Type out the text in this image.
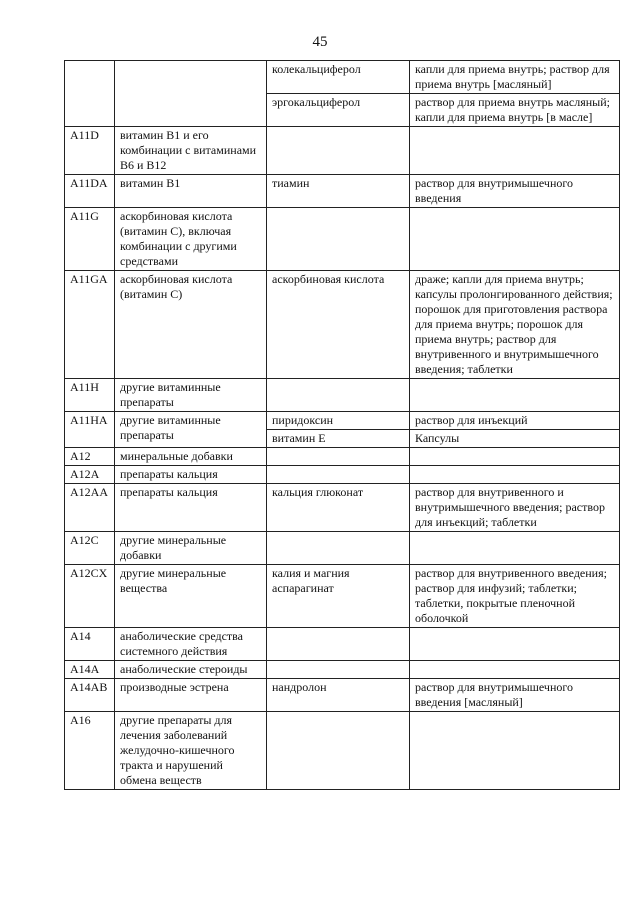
45
		колекальциферол	капли для приема внутрь; раствор для приема внутрь [масляный]
		эргокальциферол	раствор для приема внутрь масляный; капли для приема внутрь [в масле]
A11D	витамин В1 и его комбинации с витаминами В6 и В12		
A11DA	витамин В1	тиамин	раствор для внутримышечного введения
A11G	аскорбиновая кислота (витамин С), включая комбинации с другими средствами		
A11GA	аскорбиновая кислота (витамин С)	аскорбиновая кислота	драже; капли для приема внутрь; капсулы пролонгированного действия; порошок для приготовления раствора для приема внутрь; порошок для приема внутрь; раствор для внутривенного и внутримышечного введения; таблетки
A11H	другие витаминные препараты		
A11HA	другие витаминные препараты	пиридоксин	раствор для инъекций
		витамин Е	Капсулы
A12	минеральные добавки		
A12A	препараты кальция		
A12AA	препараты кальция	кальция глюконат	раствор для внутривенного и внутримышечного введения; раствор для инъекций; таблетки
A12C	другие минеральные добавки		
A12CX	другие минеральные вещества	калия и магния аспарагинат	раствор для внутривенного введения; раствор для инфузий; таблетки; таблетки, покрытые пленочной оболочкой
A14	анаболические средства системного действия		
A14A	анаболические стероиды		
A14AB	производные эстрена	нандролон	раствор для внутримышечного введения [масляный]
A16	другие препараты для лечения заболеваний желудочно-кишечного тракта и нарушений обмена веществ		
